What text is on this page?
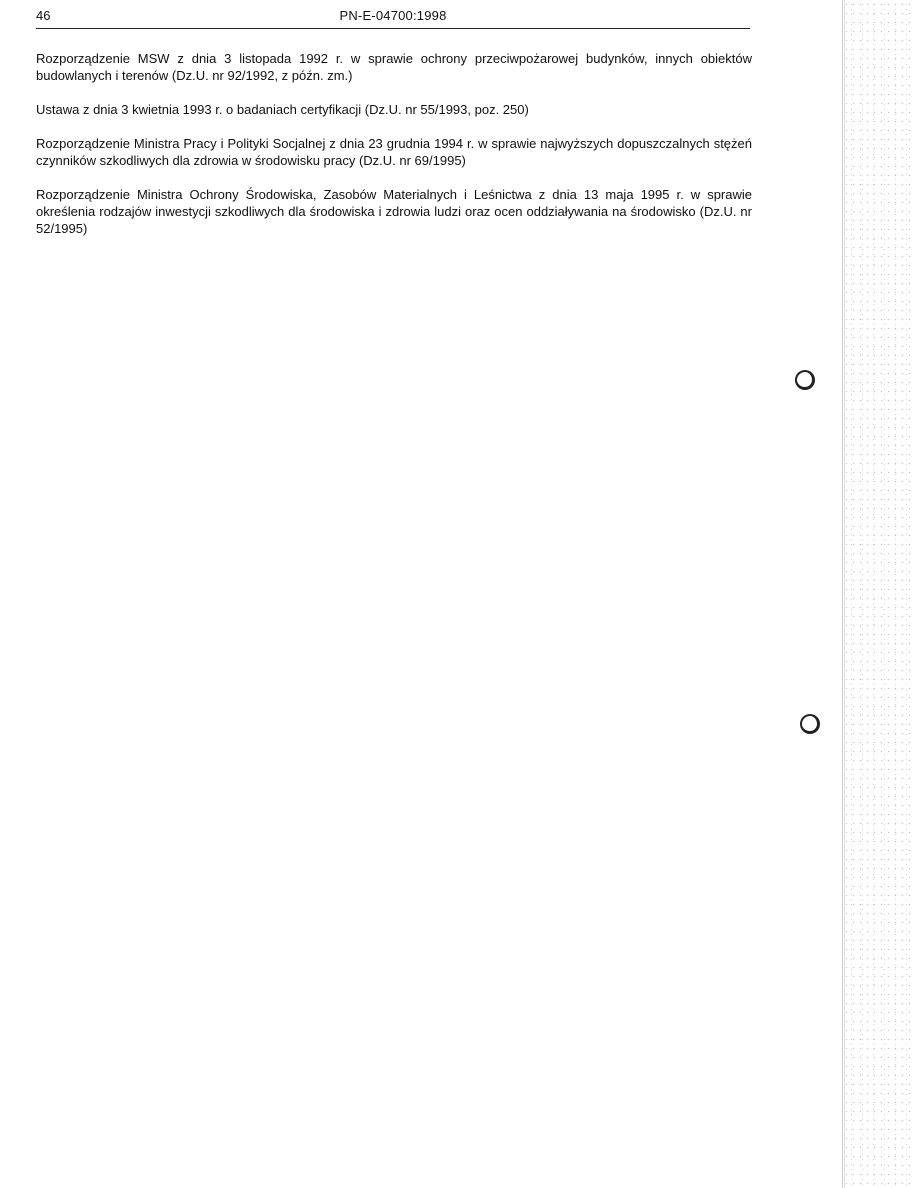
46	PN-E-04700:1998

Rozporządzenie MSW z dnia 3 listopada 1992 r. w sprawie ochrony przeciwpożarowej budynków, innych obiektów budowlanych i terenów (Dz.U. nr 92/1992, z późn. zm.)

Ustawa z dnia 3 kwietnia 1993 r. o badaniach certyfikacji (Dz.U. nr 55/1993, poz. 250)

Rozporządzenie Ministra Pracy i Polityki Socjalnej z dnia 23 grudnia 1994 r. w sprawie najwyższych dopuszczalnych stężeń czynników szkodliwych dla zdrowia w środowisku pracy (Dz.U. nr 69/1995)

Rozporządzenie Ministra Ochrony Środowiska, Zasobów Materialnych i Leśnictwa z dnia 13 maja 1995 r. w sprawie określenia rodzajów inwestycji szkodliwych dla środowiska i zdrowia ludzi oraz ocen oddziaływania na środowisko (Dz.U. nr 52/1995)
